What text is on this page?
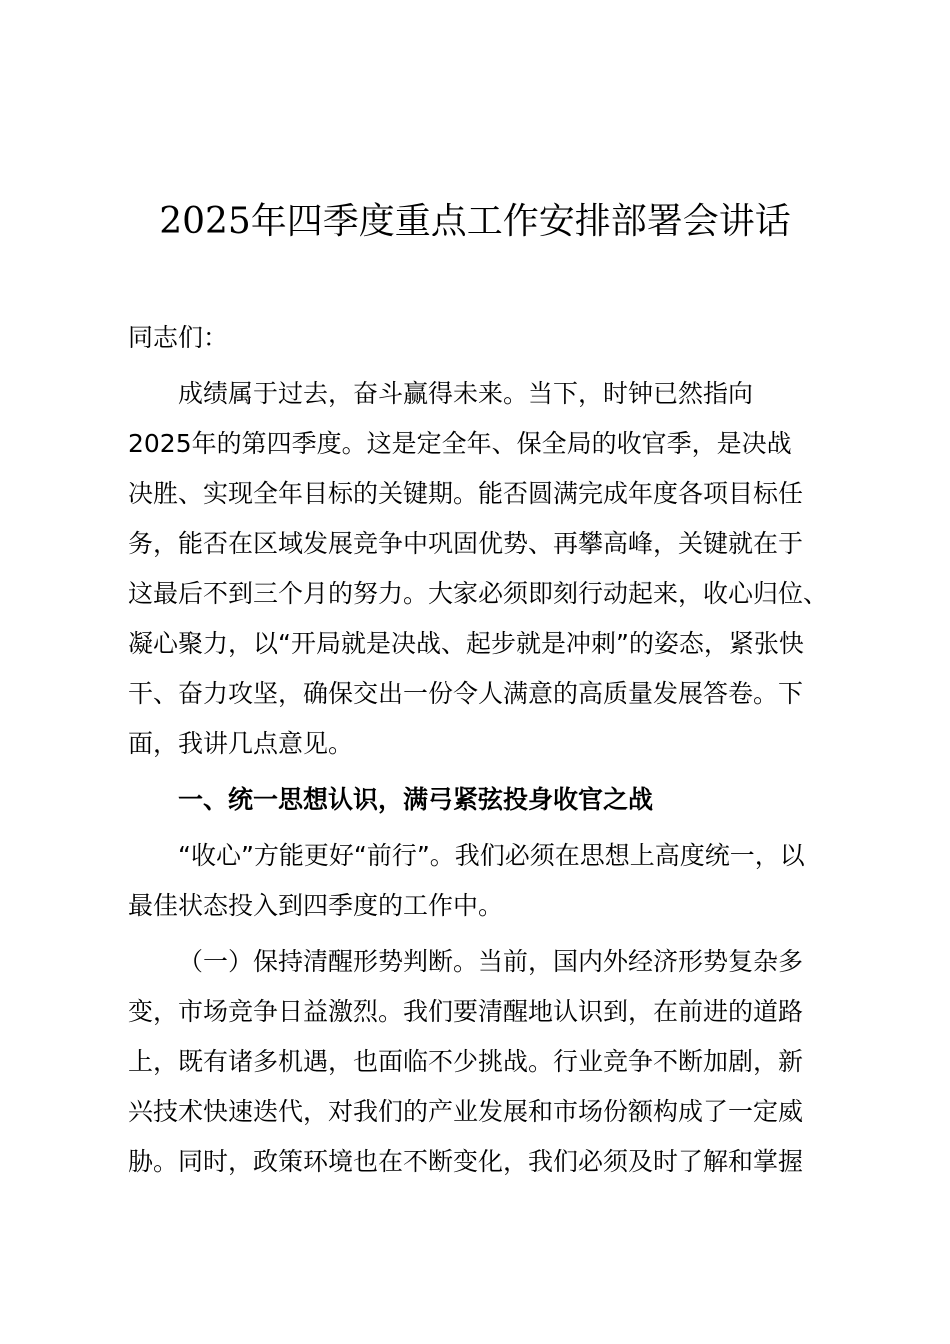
2025年四季度重点工作安排部署会讲话
同志们：
成绩属于过去，奋斗赢得未来。当下，时钟已然指向
2025年的第四季度。这是定全年、保全局的收官季，是决战
决胜、实现全年目标的关键期。能否圆满完成年度各项目标任
务，能否在区域发展竞争中巩固优势、再攀高峰，关键就在于
这最后不到三个月的努力。大家必须即刻行动起来，收心归位、
凝心聚力，以“开局就是决战、起步就是冲刺”的姿态，紧张快
干、奋力攻坚，确保交出一份令人满意的高质量发展答卷。下
面，我讲几点意见。
一、统一思想认识，满弓紧弦投身收官之战
“收心”方能更好“前行”。我们必须在思想上高度统一，以
最佳状态投入到四季度的工作中。
（一）保持清醒形势判断。当前，国内外经济形势复杂多
变，市场竞争日益激烈。我们要清醒地认识到，在前进的道路
上，既有诸多机遇，也面临不少挑战。行业竞争不断加剧，新
兴技术快速迭代，对我们的产业发展和市场份额构成了一定威
胁。同时，政策环境也在不断变化，我们必须及时了解和掌握
